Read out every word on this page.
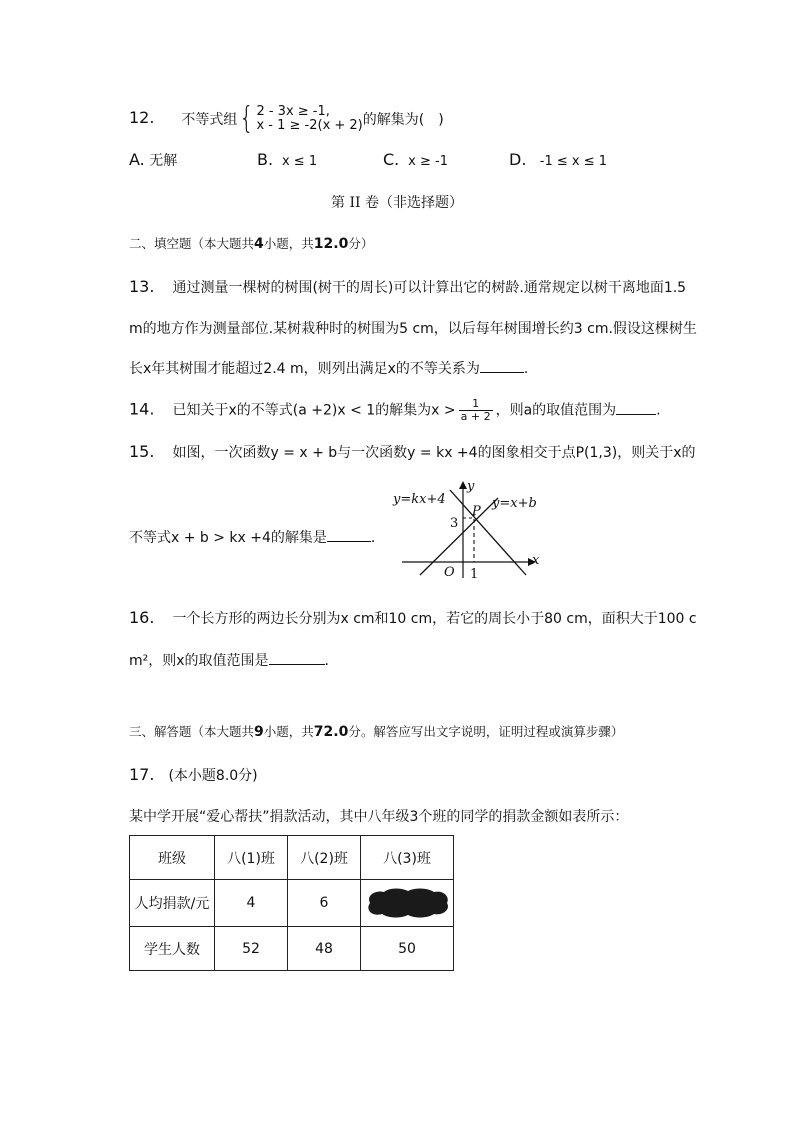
12. 不等式组{ 2 - 3x ≥ -1,
x - 1 ≥ -2(x + 2) 的解集为(　)
A. 无解	B. x ≤ 1	C. x ≥ -1	D. -1 ≤ x ≤ 1
第 II 卷（非选择题）
二、填空题（本大题共4小题，共12.0分）
13. 通过测量一棵树的树围(树干的周长)可以计算出它的树龄.通常规定以树干离地面1.5
m的地方作为测量部位.某树栽种时的树围为5 cm，以后每年树围增长约3 cm.假设这棵树生
长x年其树围才能超过2.4 m，则列出满足x的不等关系为	.
14. 已知关于x的不等式(a +2)x < 1的解集为$x > \frac{1}{a + 2}$ ，则a的取值范围为	.
15. 如图，一次函数y = x + b与一次函数y = kx +4的图象相交于点P(1,3)，则关于x的
不等式x + b > kx +4的解集是	.
y=kx+4	y=x+b
y
x
O
P
3
1
16. 一个长方形的两边长分别为x cm和10 cm，若它的周长小于80 cm，面积大于100 c
m²，则x的取值范围是	.
三、解答题（本大题共9小题，共72.0分。解答应写出文字说明，证明过程或演算步骤）
17. (本小题8.0分)
某中学开展“爱心帮扶”捐款活动，其中八年级3个班的同学的捐款金额如表所示：
班级	八(1)班	八(2)班	八(3)班
人均捐款/元	4	6	

学生人数	52	48	50
